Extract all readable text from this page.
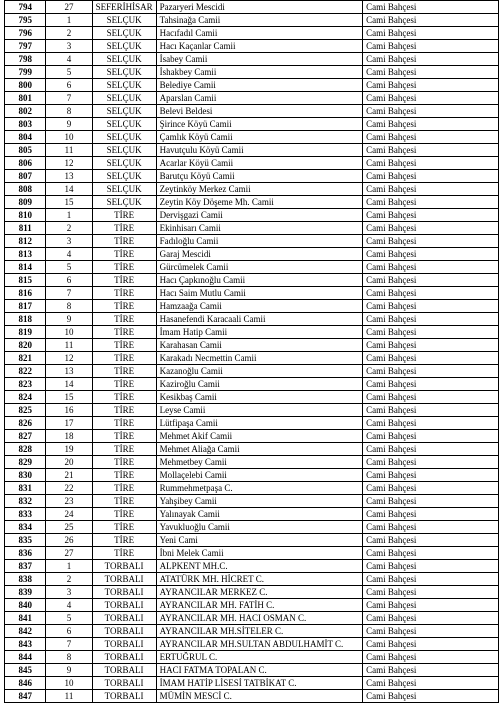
794	27	SEFERİHİSAR	Pazaryeri Mescidi	Cami Bahçesi
795	1	SELÇUK	Tahsinağa Camii	Cami Bahçesi
796	2	SELÇUK	Hacıfadıl Camii	Cami Bahçesi
797	3	SELÇUK	Hacı Kaçanlar Camii	Cami Bahçesi
798	4	SELÇUK	İsabey Camii	Cami Bahçesi
799	5	SELÇUK	İshakbey Camii	Cami Bahçesi
800	6	SELÇUK	Belediye Camii	Cami Bahçesi
801	7	SELÇUK	Aparslan Camii	Cami Bahçesi
802	8	SELÇUK	Belevi Beldesi	Cami Bahçesi
803	9	SELÇUK	Şirince Köyü Camii	Cami Bahçesi
804	10	SELÇUK	Çamlık Köyü Camii	Cami Bahçesi
805	11	SELÇUK	Havutçulu Köyü Camii	Cami Bahçesi
806	12	SELÇUK	Acarlar Köyü Camii	Cami Bahçesi
807	13	SELÇUK	Barutçu Köyü Camii	Cami Bahçesi
808	14	SELÇUK	Zeytinköy Merkez Camii	Cami Bahçesi
809	15	SELÇUK	Zeytin Köy Döşeme Mh. Camii	Cami Bahçesi
810	1	TİRE	Dervişgazi Camii	Cami Bahçesi
811	2	TİRE	Ekinhisarı Camii	Cami Bahçesi
812	3	TİRE	Fadıloğlu Camii	Cami Bahçesi
813	4	TİRE	Garaj Mescidi	Cami Bahçesi
814	5	TİRE	Gürcümelek Camii	Cami Bahçesi
815	6	TİRE	Hacı Çapkınoğlu Camii	Cami Bahçesi
816	7	TİRE	Hacı Saim Mutlu Camii	Cami Bahçesi
817	8	TİRE	Hamzaağa Camii	Cami Bahçesi
818	9	TİRE	Hasanefendi Karacaali Camii	Cami Bahçesi
819	10	TİRE	İmam Hatip Camii	Cami Bahçesi
820	11	TİRE	Karahasan Camii	Cami Bahçesi
821	12	TİRE	Karakadı Necmettin Camii	Cami Bahçesi
822	13	TİRE	Kazanoğlu Camii	Cami Bahçesi
823	14	TİRE	Kaziroğlu Camii	Cami Bahçesi
824	15	TİRE	Kesikbaş Camii	Cami Bahçesi
825	16	TİRE	Leyse Camii	Cami Bahçesi
826	17	TİRE	Lütfipaşa Camii	Cami Bahçesi
827	18	TİRE	Mehmet Akif Camii	Cami Bahçesi
828	19	TİRE	Mehmet Aliağa Camii	Cami Bahçesi
829	20	TİRE	Mehmetbey Camii	Cami Bahçesi
830	21	TİRE	Mollaçelebi Camii	Cami Bahçesi
831	22	TİRE	Rummehmetpaşa C.	Cami Bahçesi
832	23	TİRE	Yahşibey Camii	Cami Bahçesi
833	24	TİRE	Yalınayak Camii	Cami Bahçesi
834	25	TİRE	Yavukluoğlu Camii	Cami Bahçesi
835	26	TİRE	Yeni Cami	Cami Bahçesi
836	27	TİRE	İbni Melek Camii	Cami Bahçesi
837	1	TORBALI	ALPKENT MH.C.	Cami Bahçesi
838	2	TORBALI	ATATÜRK MH. HİCRET C.	Cami Bahçesi
839	3	TORBALI	AYRANCILAR MERKEZ C.	Cami Bahçesi
840	4	TORBALI	AYRANCILAR MH. FATİH C.	Cami Bahçesi
841	5	TORBALI	AYRANCILAR MH. HACI OSMAN C.	Cami Bahçesi
842	6	TORBALI	AYRANCILAR MH.SİTELER C.	Cami Bahçesi
843	7	TORBALI	AYRANCILAR MH.SULTAN ABDULHAMİT C.	Cami Bahçesi
844	8	TORBALI	ERTUĞRUL C.	Cami Bahçesi
845	9	TORBALI	HACI FATMA TOPALAN C.	Cami Bahçesi
846	10	TORBALI	İMAM HATİP LİSESİ TATBİKAT C.	Cami Bahçesi
847	11	TORBALI	MÜMİN MESCİ C.	Cami Bahçesi
